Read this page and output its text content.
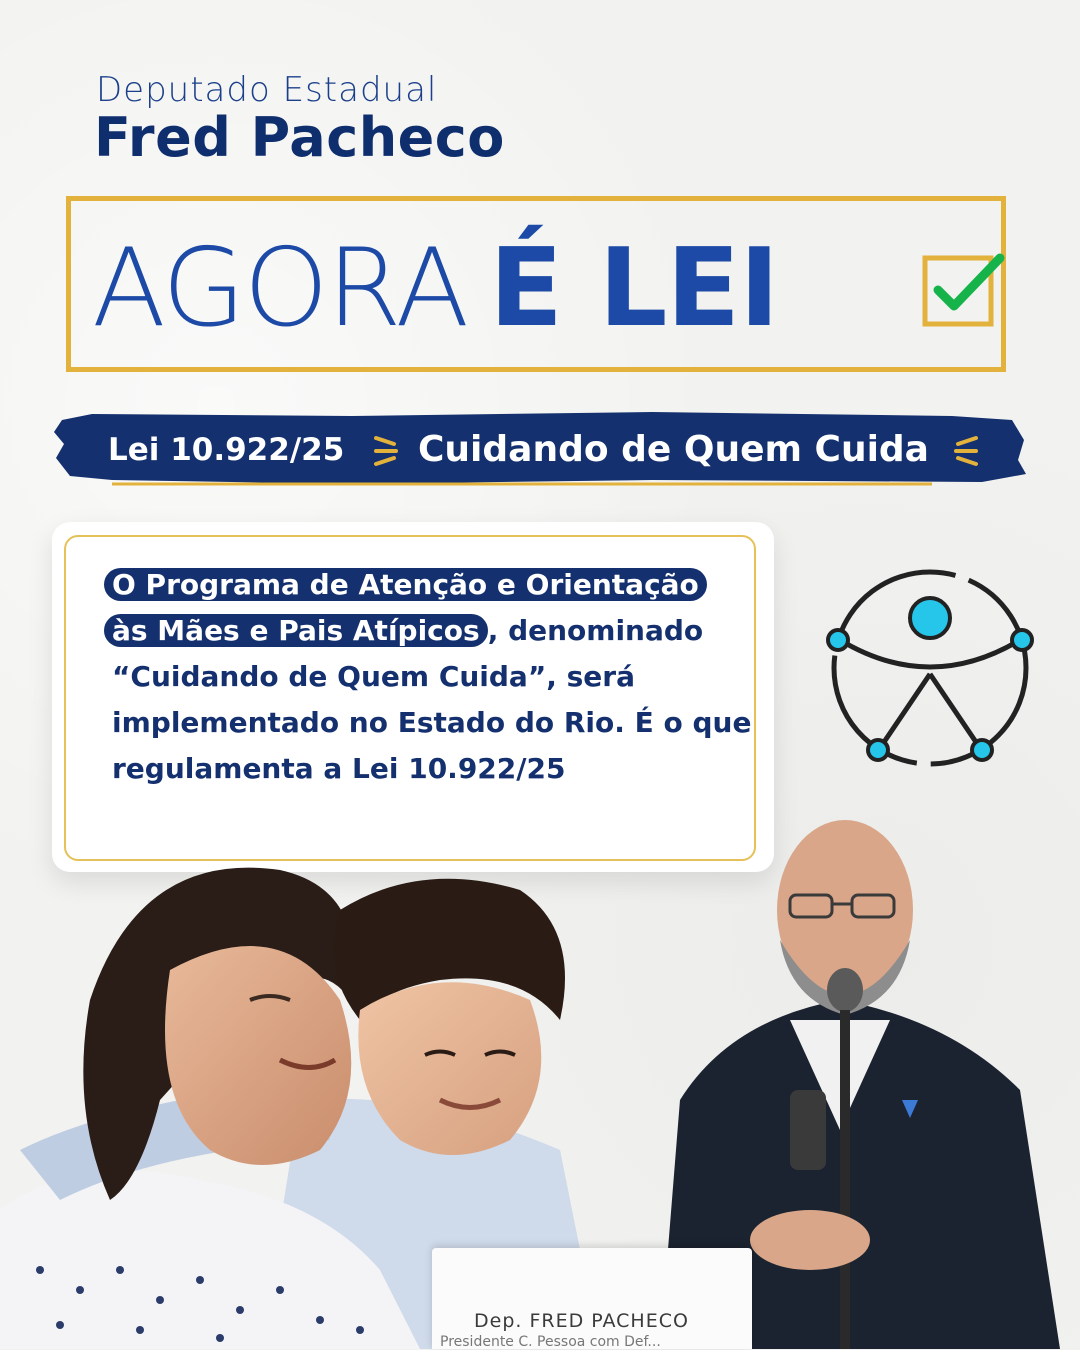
Deputado Estadual
Fred Pacheco
AGORA É LEI
Lei 10.922/25 Cuidando de Quem Cuida
O Programa de Atenção e Orientação
às Mães e Pais Atípicos , denominado “Cuidando de Quem Cuida”, será implementado no Estado do Rio. É o que regulamenta a Lei 10.922/25
Dep. FRED PACHECO
Presidente C. Pessoa com Def...
